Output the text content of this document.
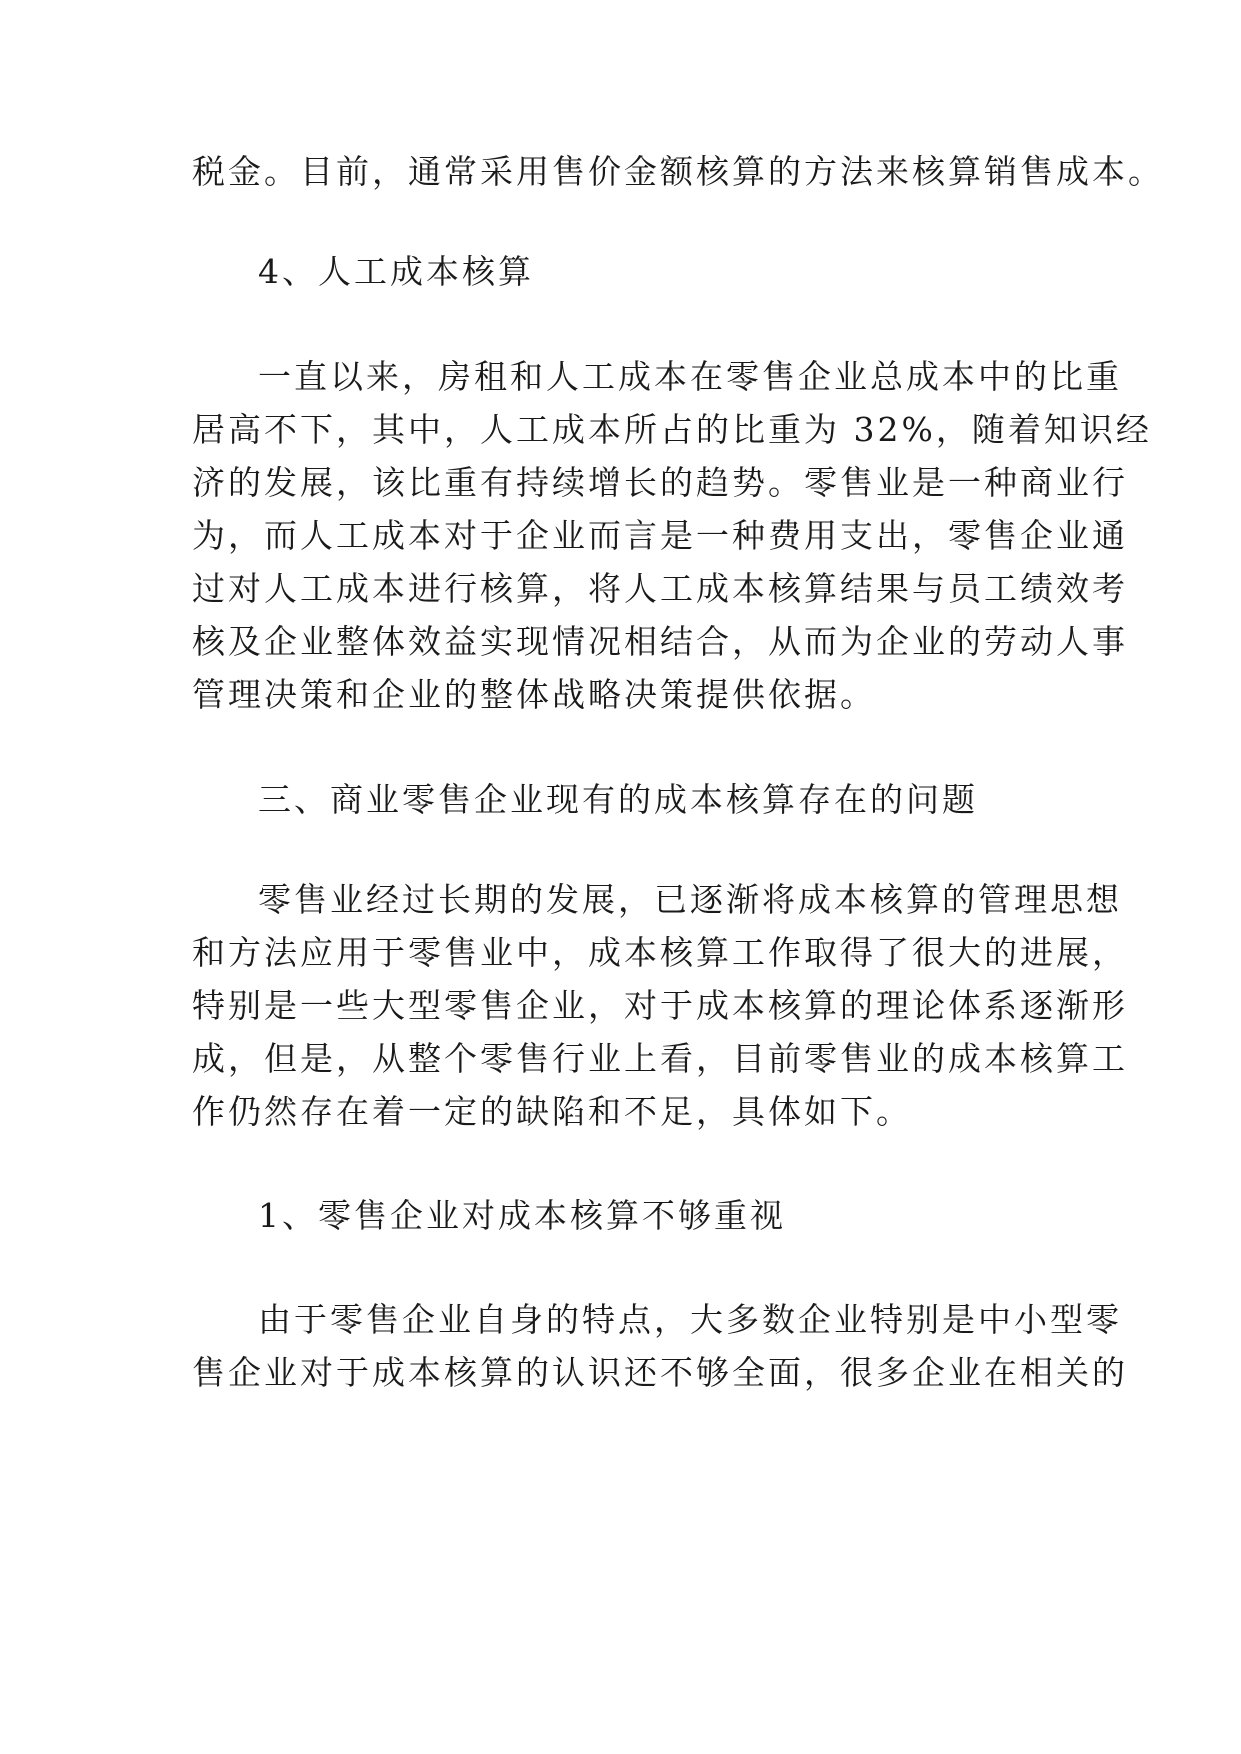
税金。目前，通常采用售价金额核算的方法来核算销售成本。
4、人工成本核算
一直以来，房租和人工成本在零售企业总成本中的比重
居高不下，其中，人工成本所占的比重为 32%，随着知识经
济的发展，该比重有持续增长的趋势。零售业是一种商业行
为，而人工成本对于企业而言是一种费用支出，零售企业通
过对人工成本进行核算，将人工成本核算结果与员工绩效考
核及企业整体效益实现情况相结合，从而为企业的劳动人事
管理决策和企业的整体战略决策提供依据。
三、商业零售企业现有的成本核算存在的问题
零售业经过长期的发展，已逐渐将成本核算的管理思想
和方法应用于零售业中，成本核算工作取得了很大的进展，
特别是一些大型零售企业，对于成本核算的理论体系逐渐形
成，但是，从整个零售行业上看，目前零售业的成本核算工
作仍然存在着一定的缺陷和不足，具体如下。
1、零售企业对成本核算不够重视
由于零售企业自身的特点，大多数企业特别是中小型零
售企业对于成本核算的认识还不够全面，很多企业在相关的
